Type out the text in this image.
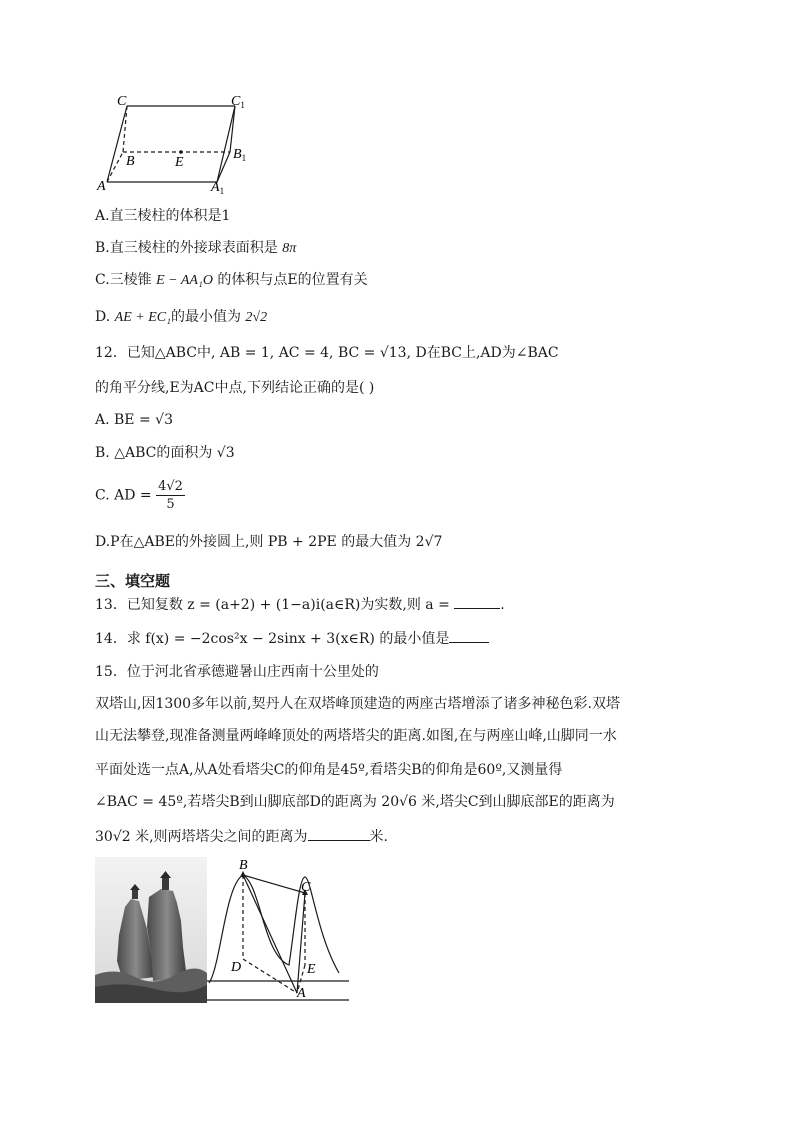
C	$C_1$
B	E
$B_1$
A	$A_1$
A.直三棱柱的体积是1
B.直三棱柱的外接球表面积是 8π
C.三棱锥 E − AA₁O 的体积与点E的位置有关
D. AE + EC₁的最小值为 2√2
12．已知△ABC中, AB = 1, AC = 4, BC = √13, D在BC上,AD为∠BAC
的角平分线,E为AC中点,下列结论正确的是( )
A. BE = √3
B. △ABC的面积为 √3
C. AD = $\frac{4√2}{5}$
D.P在△ABE的外接圆上,则 PB + 2PE 的最大值为 2√7
三、填空题
13．已知复数 z = (a+2) + (1−a)i(a∈R)为实数,则 a =	.
14．求 f(x) = −2cos²x − 2sinx + 3(x∈R) 的最小值是
15．位于河北省承德避暑山庄西南十公里处的
双塔山,因1300多年以前,契丹人在双塔峰顶建造的两座古塔增添了诸多神秘色彩.双塔
山无法攀登,现准备测量两峰峰顶处的两塔塔尖的距离.如图,在与两座山峰,山脚同一水
平面处选一点A,从A处看塔尖C的仰角是45º,看塔尖B的仰角是60º,又测量得
∠BAC = 45º,若塔尖B到山脚底部D的距离为 20√6 米,塔尖C到山脚底部E的距离为
30√2 米,则两塔塔尖之间的距离为	米.
B
C
D	E
A
